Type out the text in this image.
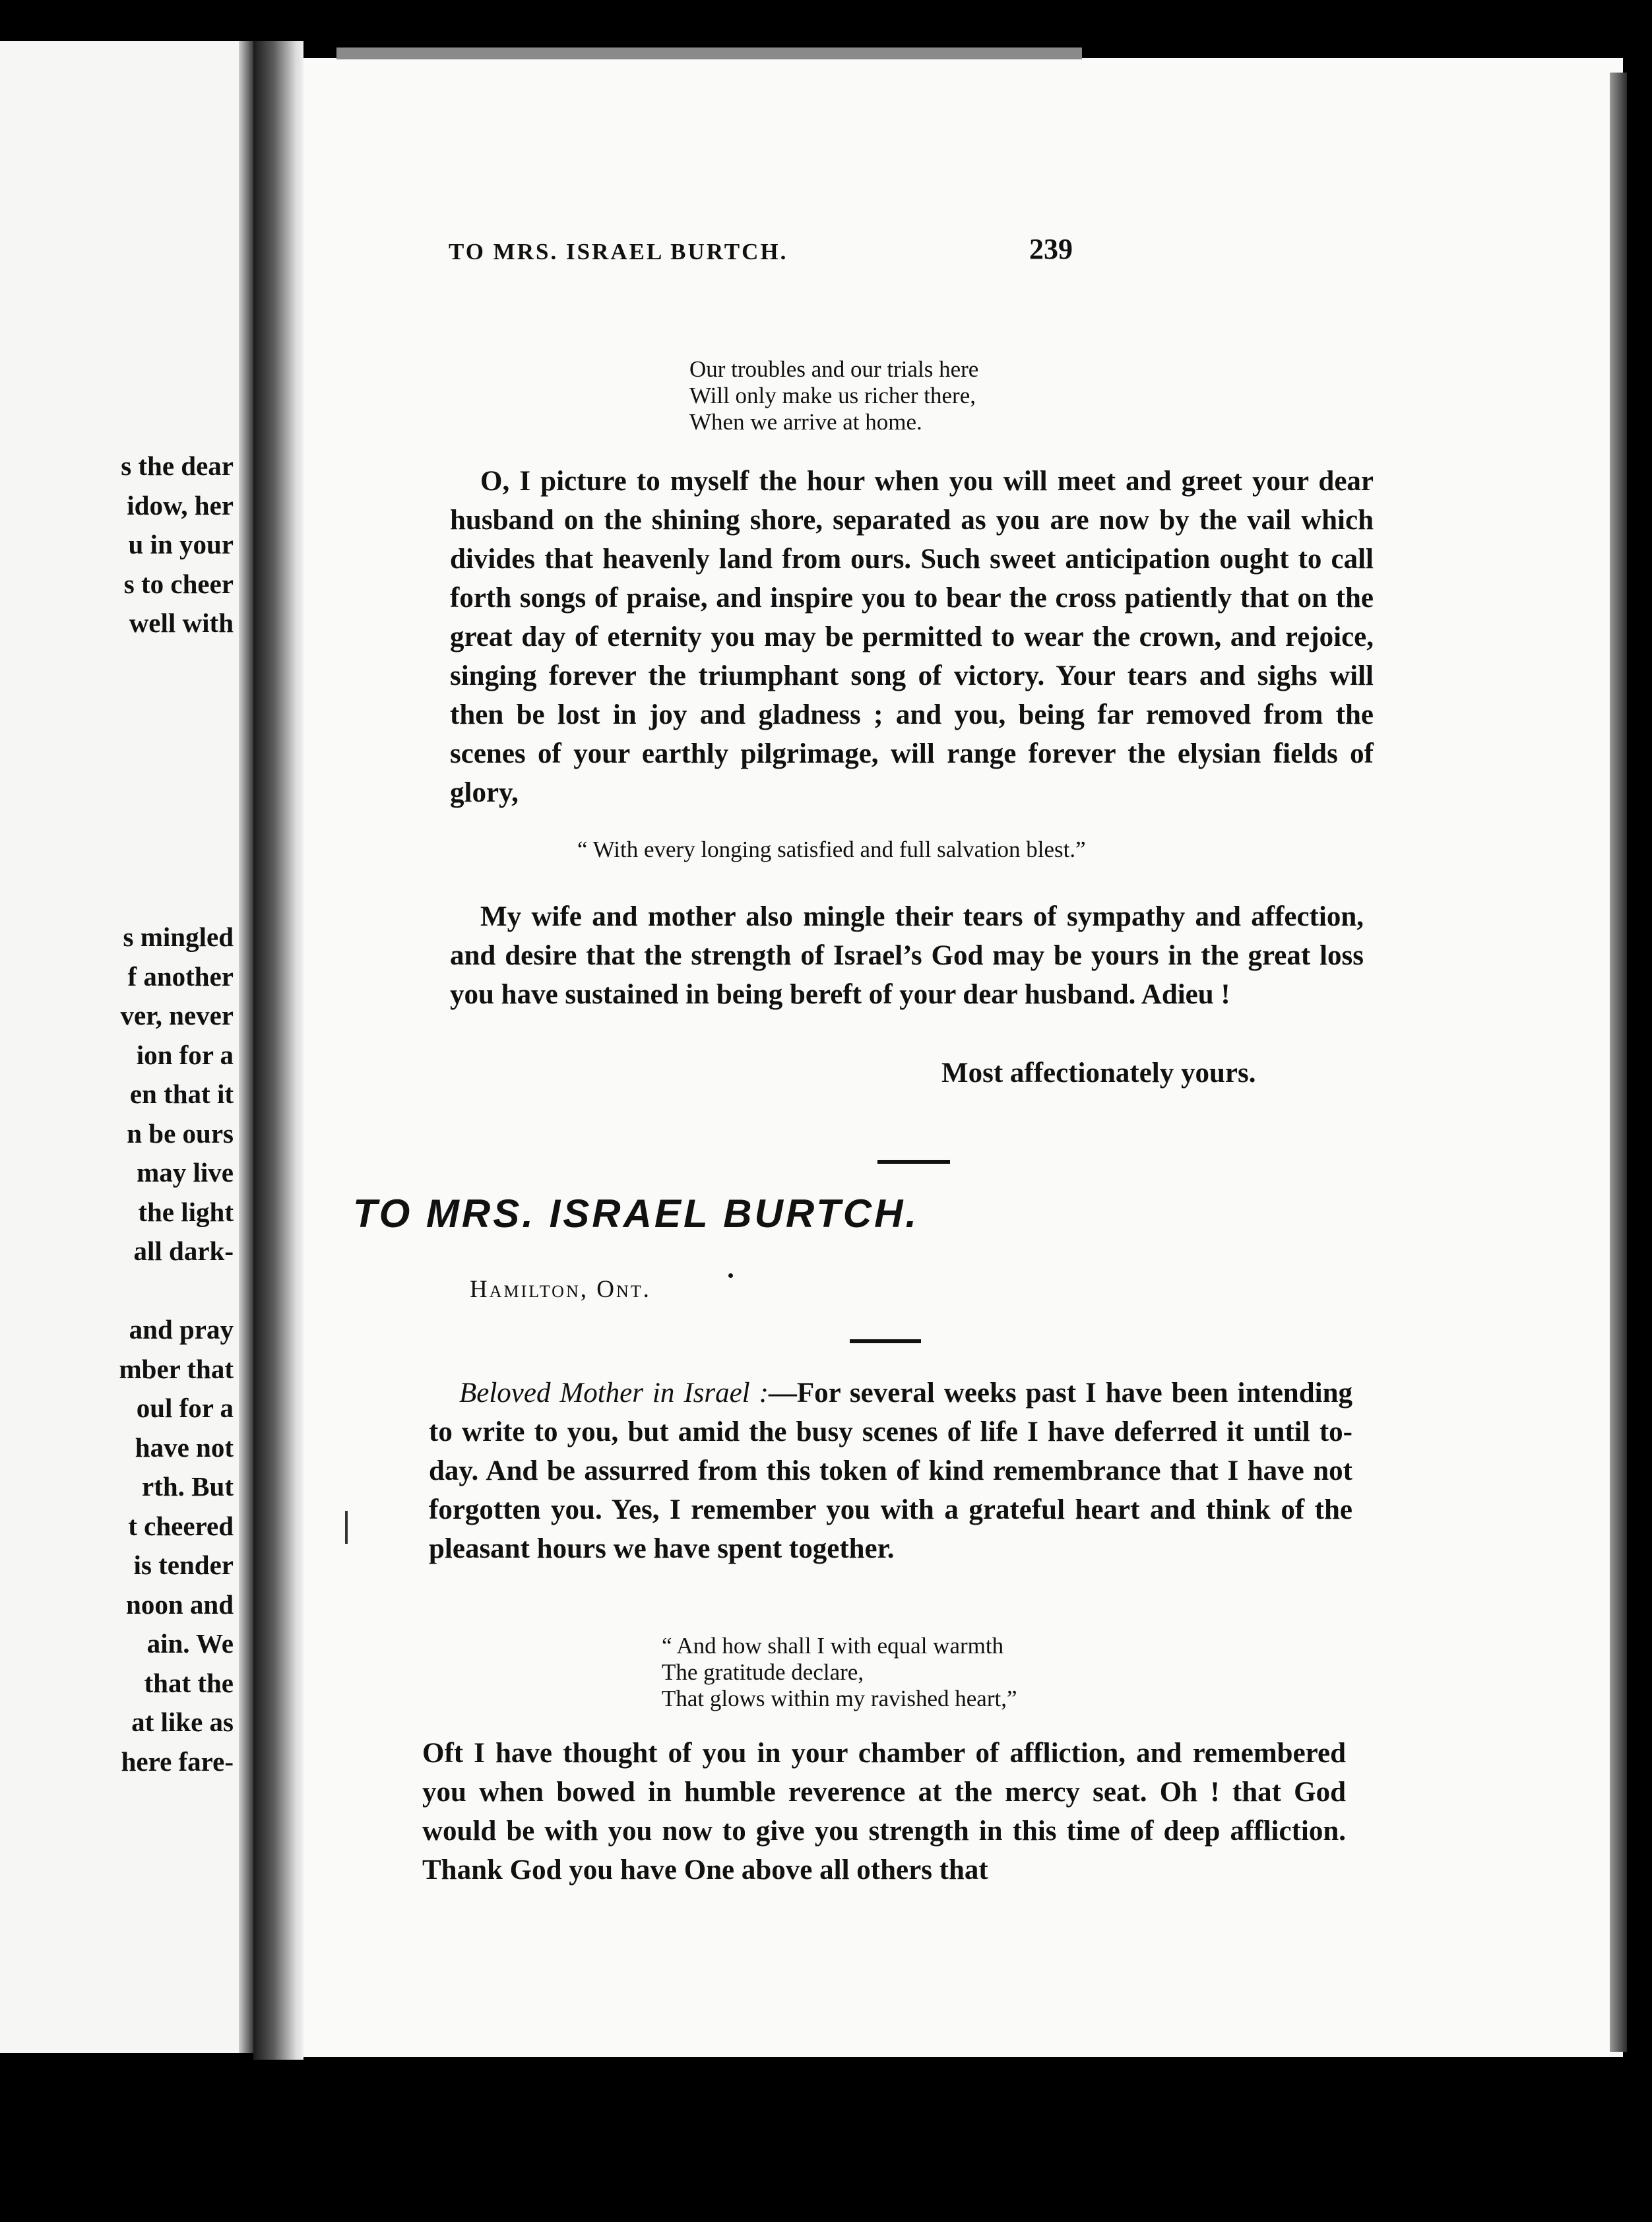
s the dear
idow, her
u in your
s to cheer
well with
s mingled
f another
ver, never
ion for a
en that it
n be ours
may live
the light
all dark-
and pray
mber that
oul for a
have not
rth. But
t cheered
is tender
noon and
ain. We
that the
at like as
here fare-
TO MRS. ISRAEL BURTCH.	239
Our troubles and our trials here
Will only make us richer there,
When we arrive at home.
O, I picture to myself the hour when you will meet and greet your dear husband on the shining shore, separated as you are now by the vail which divides that heavenly land from ours. Such sweet anticipation ought to call forth songs of praise, and inspire you to bear the cross patiently that on the great day of eternity you may be permitted to wear the crown, and rejoice, singing forever the triumphant song of victory. Your tears and sighs will then be lost in joy and gladness ; and you, being far removed from the scenes of your earthly pilgrimage, will range forever the elysian fields of glory,
“ With every longing satisfied and full salvation blest.”
My wife and mother also mingle their tears of sympathy and affection, and desire that the strength of Israel’s God may be yours in the great loss you have sustained in being bereft of your dear husband. Adieu !
Most affectionately yours.
TO MRS. ISRAEL BURTCH.
Hamilton, Ont.
Beloved Mother in Israel :—For several weeks past I have been intending to write to you, but amid the busy scenes of life I have deferred it until to-day. And be assurred from this token of kind remembrance that I have not forgotten you. Yes, I remember you with a grateful heart and think of the pleasant hours we have spent together.
“ And how shall I with equal warmth
The gratitude declare,
That glows within my ravished heart,”
Oft I have thought of you in your chamber of affliction, and remembered you when bowed in humble reverence at the mercy seat. Oh ! that God would be with you now to give you strength in this time of deep affliction. Thank God you have One above all others that
